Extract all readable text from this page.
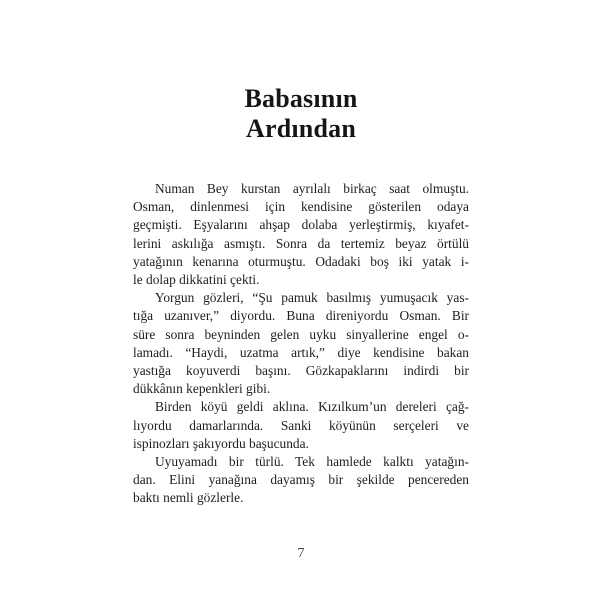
Babasının
Ardından
Numan Bey kurstan ayrılalı birkaç saat olmuştu.
Osman, dinlenmesi için kendisine gösterilen odaya
geçmişti. Eşyalarını ahşap dolaba yerleştirmiş, kıyafet-
lerini askılığa asmıştı. Sonra da tertemiz beyaz örtülü
yatağının kenarına oturmuştu. Odadaki boş iki yatak i-
le dolap dikkatini çekti.
Yorgun gözleri, “Şu pamuk basılmış yumuşacık yas-
tığa uzanıver,” diyordu. Buna direniyordu Osman. Bir
süre sonra beyninden gelen uyku sinyallerine engel o-
lamadı. “Haydi, uzatma artık,” diye kendisine bakan
yastığa koyuverdi başını. Gözkapaklarını indirdi bir
dükkânın kepenkleri gibi.
Birden köyü geldi aklına. Kızılkum’un dereleri çağ-
lıyordu damarlarında. Sanki köyünün serçeleri ve
ispinozları şakıyordu başucunda.
Uyuyamadı bir türlü. Tek hamlede kalktı yatağın-
dan. Elini yanağına dayamış bir şekilde pencereden
baktı nemli gözlerle.
7
